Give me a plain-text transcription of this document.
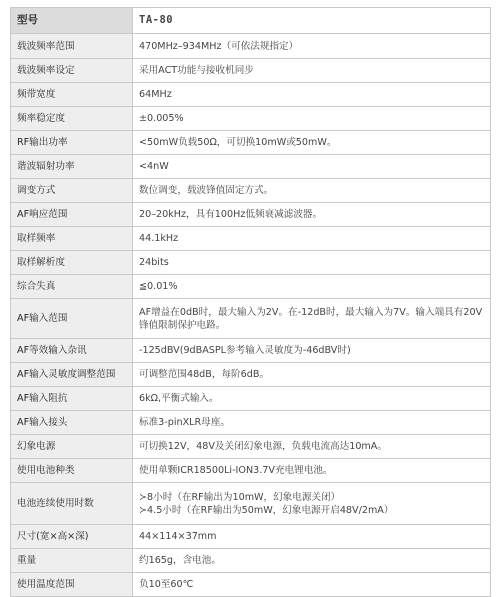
型号	TA-80
载波频率范围	470MHz–934MHz（可依法规指定）
载波频率设定	采用ACT功能与接收机同步
频带宽度	64MHz
频率稳定度	±0.005%
RF输出功率	<50mW负载50Ω，可切换10mW或50mW。
谐波辐射功率	<4nW
调变方式	数位调变，载波锋值固定方式。
AF响应范围	20–20kHz，具有100Hz低频衰减滤波器。
取样频率	44.1kHz
取样解析度	24bits
综合失真	≦0.01%
AF输入范围	AF增益在0dB时，最大输入为2V。在-12dB时，最大输入为7V。输入端具有20V锋值限制保护电路。
AF等效输入杂讯	-125dBV(9dBASPL参考输入灵敏度为-46dBV时)
AF输入灵敏度调整范围	可调整范围48dB，每阶6dB。
AF输入阻抗	6kΩ,平衡式输入。
AF输入接头	标准3-pinXLR母座。
幻象电源	可切换12V，48V及关闭幻象电源，负载电流高达10mA。
使用电池种类	使用单颗ICR18500Li-ION3.7V充电锂电池。
电池连续使用时数	≻8小时（在RF输出为10mW，幻象电源关闭）
≻4.5小时（在RF输出为50mW，幻象电源开启48V/2mA）

尺寸(宽×高×深)	44×114×37mm
重量	约165g，含电池。
使用温度范围	负10至60℃
